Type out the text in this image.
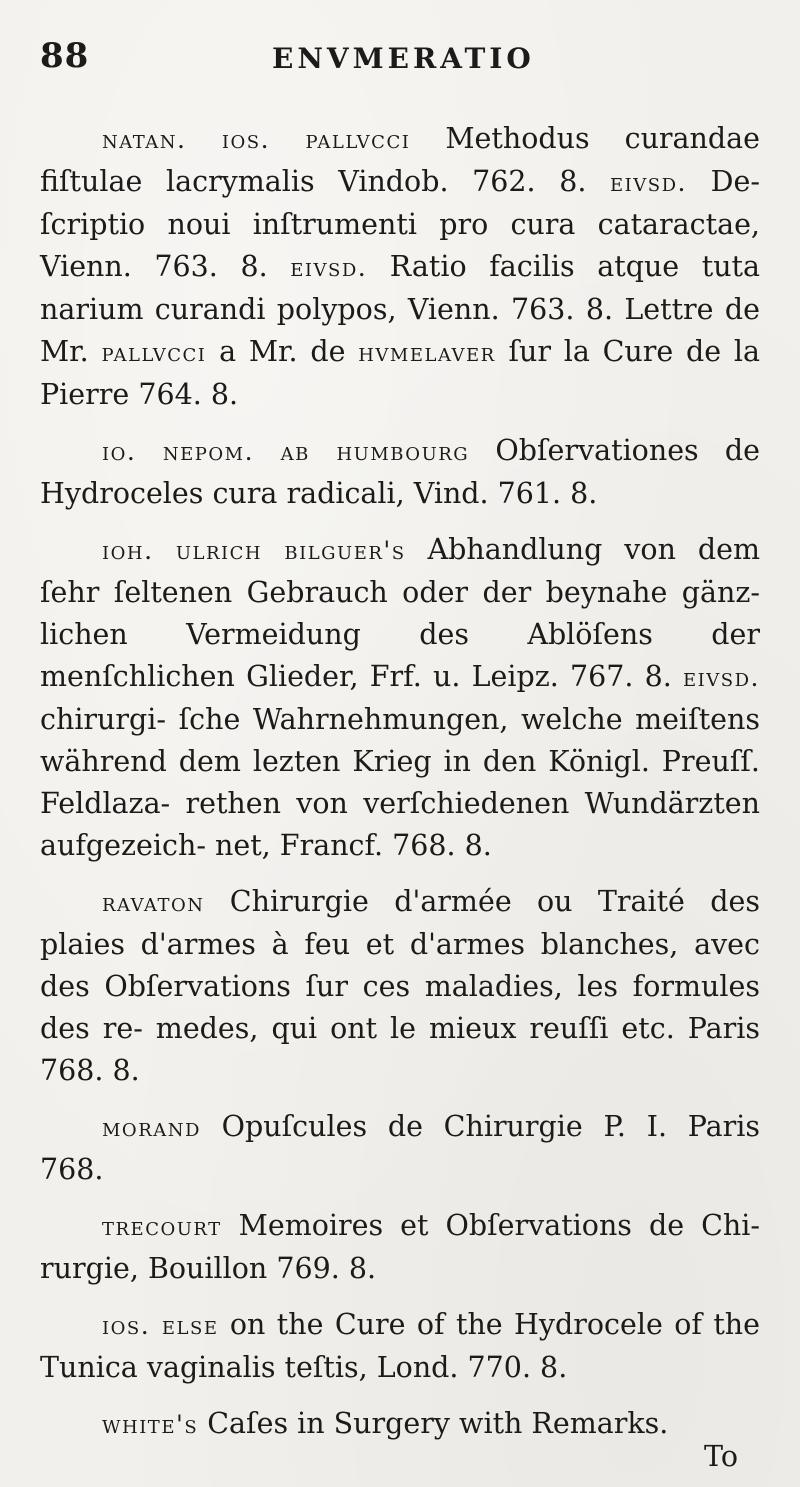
88	ENVMERATIO

natan. ios. pallvcci Methodus curandae fiſtulae lacrymalis Vindob. 762. 8. eivsd. De- ſcriptio noui inſtrumenti pro cura cataractae, Vienn. 763. 8. eivsd. Ratio facilis atque tuta narium curandi polypos, Vienn. 763. 8. Lettre de Mr. pallvcci a Mr. de hvmelaver ſur la Cure de la Pierre 764. 8.

io. nepom. ab humbourg Obſervationes de Hydroceles cura radicali, Vind. 761. 8.

ioh. ulrich bilguer's Abhandlung von dem ſehr ſeltenen Gebrauch oder der beynahe gänz- lichen Vermeidung des Ablöſens der menſchlichen Glieder, Frf. u. Leipz. 767. 8. eivsd. chirurgi- ſche Wahrnehmungen, welche meiſtens während dem lezten Krieg in den Königl. Preuſſ. Feldlaza- rethen von verſchiedenen Wundärzten aufgezeich- net, Francf. 768. 8.

ravaton Chirurgie d'armée ou Traité des plaies d'armes à feu et d'armes blanches, avec des Obſervations ſur ces maladies, les formules des re- medes, qui ont le mieux reuſſi etc. Paris 768. 8.

morand Opuſcules de Chirurgie P. I. Paris 768.

trecourt Memoires et Obſervations de Chi- rurgie, Bouillon 769. 8.

ios. else on the Cure of the Hydrocele of the Tunica vaginalis teſtis, Lond. 770. 8.

white's Caſes in Surgery with Remarks.

To
